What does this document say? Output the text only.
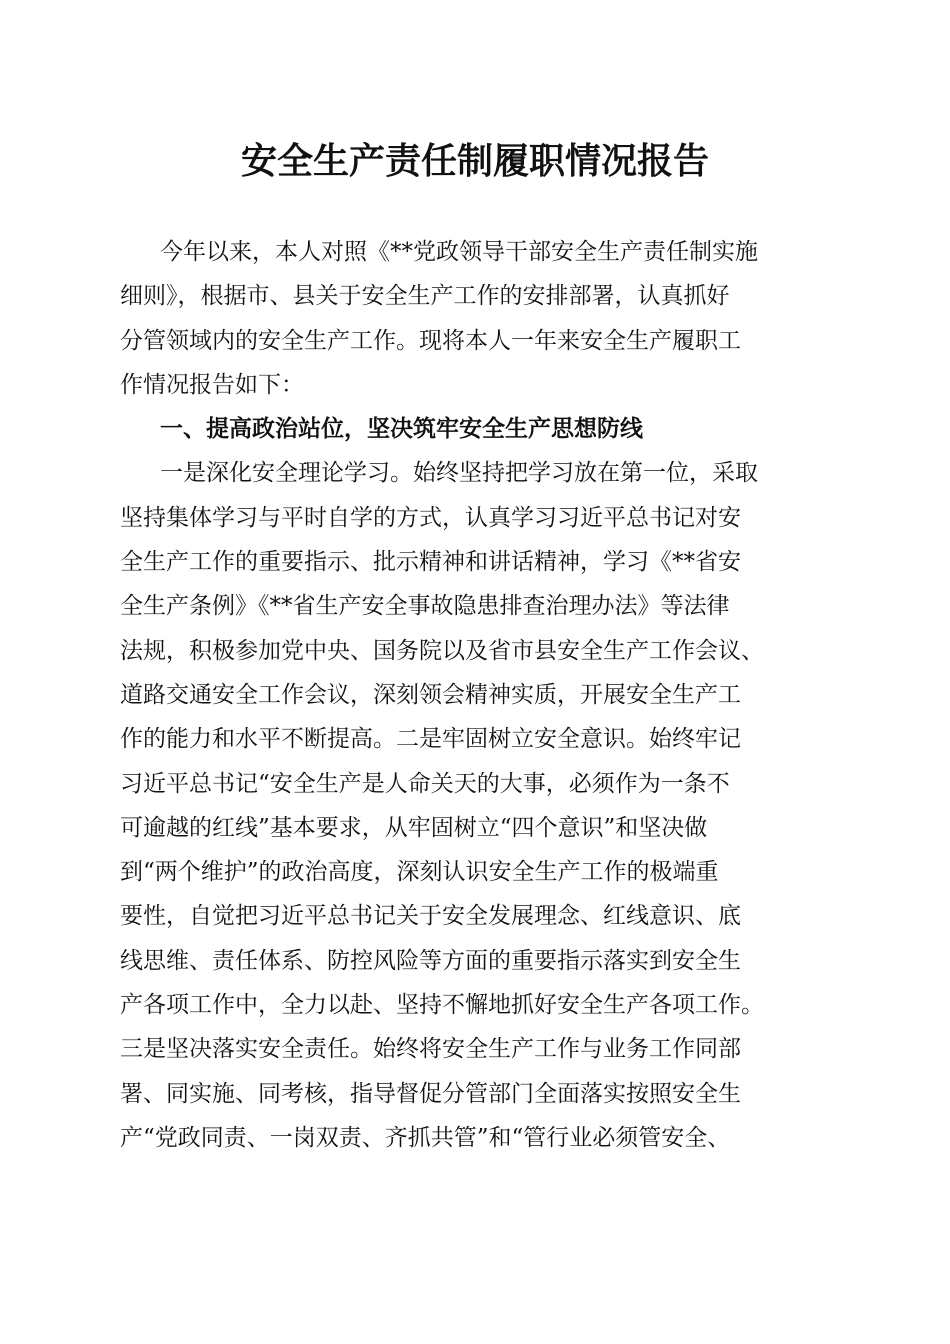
安全生产责任制履职情况报告
今年以来，本人对照《**党政领导干部安全生产责任制实施
细则》，根据市、县关于安全生产工作的安排部署，认真抓好
分管领域内的安全生产工作。现将本人一年来安全生产履职工
作情况报告如下：
一、提高政治站位，坚决筑牢安全生产思想防线
一是深化安全理论学习。始终坚持把学习放在第一位，采取
坚持集体学习与平时自学的方式，认真学习习近平总书记对安
全生产工作的重要指示、批示精神和讲话精神，学习《**省安
全生产条例》《**省生产安全事故隐患排查治理办法》等法律
法规，积极参加党中央、国务院以及省市县安全生产工作会议、
道路交通安全工作会议，深刻领会精神实质，开展安全生产工
作的能力和水平不断提高。二是牢固树立安全意识。始终牢记
习近平总书记“安全生产是人命关天的大事，必须作为一条不
可逾越的红线”基本要求，从牢固树立“四个意识”和坚决做
到“两个维护”的政治高度，深刻认识安全生产工作的极端重
要性，自觉把习近平总书记关于安全发展理念、红线意识、底
线思维、责任体系、防控风险等方面的重要指示落实到安全生
产各项工作中，全力以赴、坚持不懈地抓好安全生产各项工作。
三是坚决落实安全责任。始终将安全生产工作与业务工作同部
署、同实施、同考核，指导督促分管部门全面落实按照安全生
产“党政同责、一岗双责、齐抓共管”和“管行业必须管安全、
